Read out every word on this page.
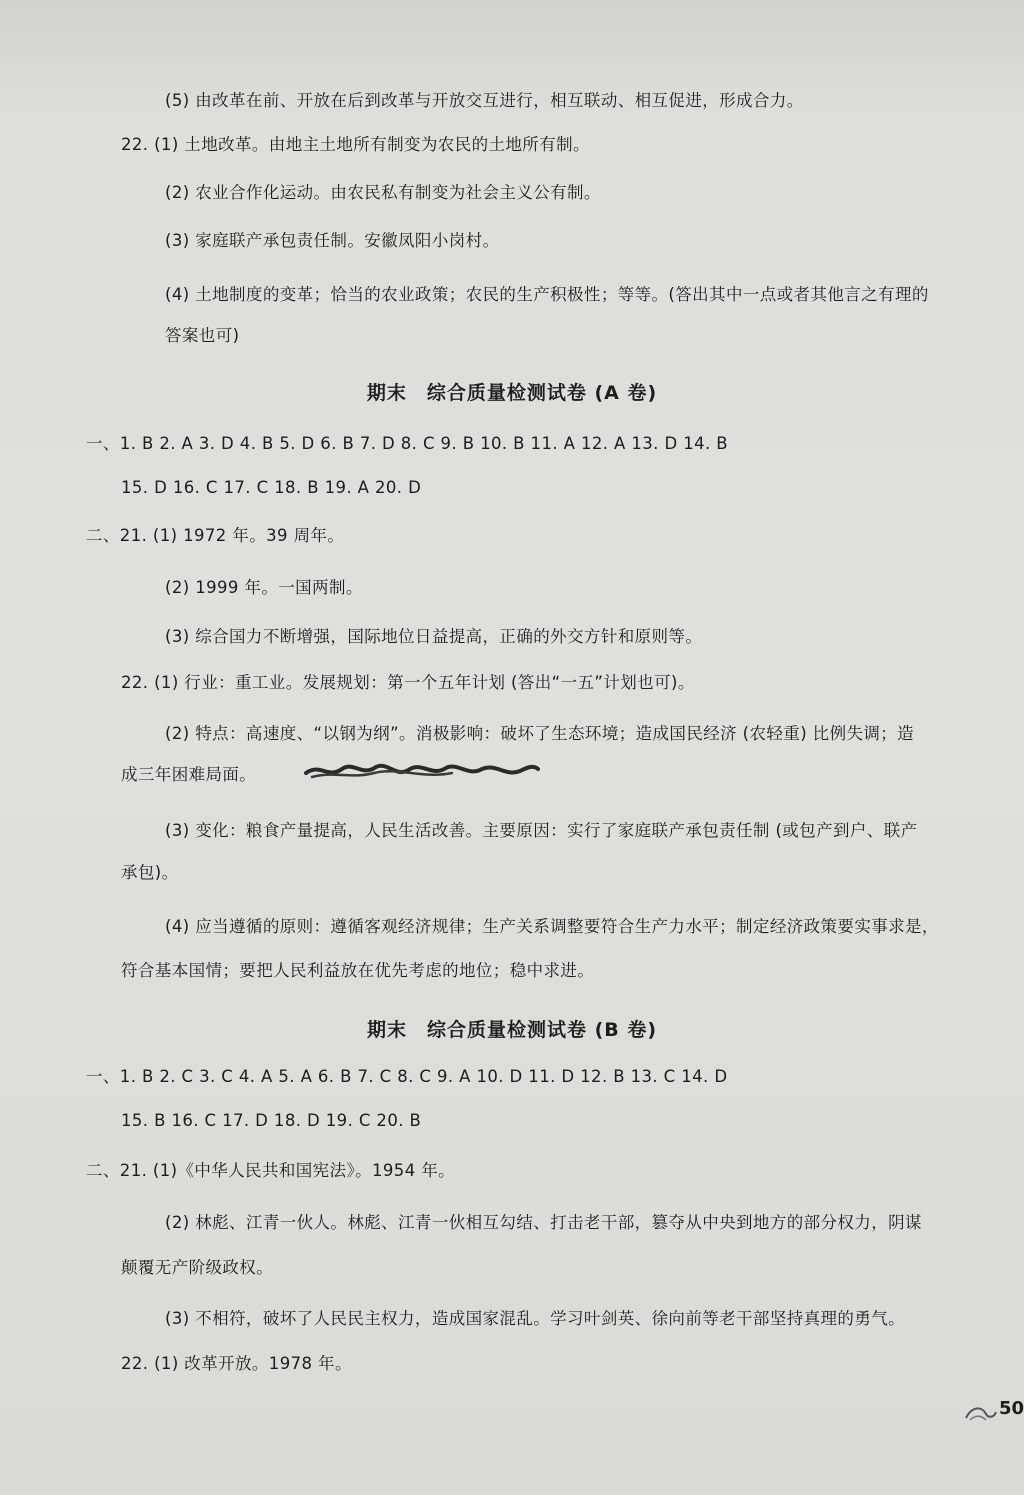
(5) 由改革在前、开放在后到改革与开放交互进行，相互联动、相互促进，形成合力。
22. (1) 土地改革。由地主土地所有制变为农民的土地所有制。
(2) 农业合作化运动。由农民私有制变为社会主义公有制。
(3) 家庭联产承包责任制。安徽凤阳小岗村。
(4) 土地制度的变革；恰当的农业政策；农民的生产积极性；等等。(答出其中一点或者其他言之有理的
答案也可)
期末　综合质量检测试卷 (A 卷)
一、1. B 2. A 3. D 4. B 5. D 6. B 7. D 8. C 9. B 10. B 11. A 12. A 13. D 14. B
15. D 16. C 17. C 18. B 19. A 20. D
二、21. (1) 1972 年。39 周年。
(2) 1999 年。一国两制。
(3) 综合国力不断增强，国际地位日益提高，正确的外交方针和原则等。
22. (1) 行业：重工业。发展规划：第一个五年计划 (答出“一五”计划也可)。
(2) 特点：高速度、“以钢为纲”。消极影响：破坏了生态环境；造成国民经济 (农轻重) 比例失调；造
成三年困难局面。
(3) 变化：粮食产量提高，人民生活改善。主要原因：实行了家庭联产承包责任制 (或包产到户、联产
承包)。
(4) 应当遵循的原则：遵循客观经济规律；生产关系调整要符合生产力水平；制定经济政策要实事求是，
符合基本国情；要把人民利益放在优先考虑的地位；稳中求进。
期末　综合质量检测试卷 (B 卷)
一、1. B 2. C 3. C 4. A 5. A 6. B 7. C 8. C 9. A 10. D 11. D 12. B 13. C 14. D
15. B 16. C 17. D 18. D 19. C 20. B
二、21. (1)《中华人民共和国宪法》。1954 年。
(2) 林彪、江青一伙人。林彪、江青一伙相互勾结、打击老干部，篡夺从中央到地方的部分权力，阴谋
颠覆无产阶级政权。
(3) 不相符，破坏了人民民主权力，造成国家混乱。学习叶剑英、徐向前等老干部坚持真理的勇气。
22. (1) 改革开放。1978 年。
50
